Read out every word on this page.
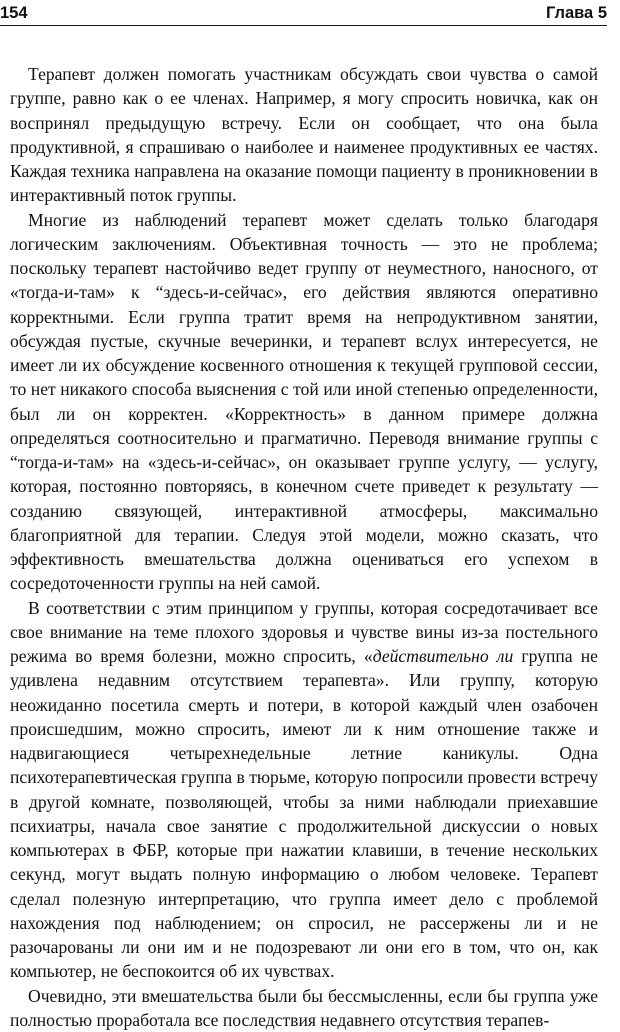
154	Глава 5

Терапевт должен помогать участникам обсуждать свои чувства о самой группе, равно как о ее членах. Например, я могу спросить новичка, как он воспринял предыдущую встречу. Если он сообщает, что она была продуктивной, я спрашиваю о наиболее и наименее продуктивных ее частях. Каждая техника направлена на оказание помощи пациенту в проникновении в интерактивный поток группы.

Многие из наблюдений терапевт может сделать только благодаря логическим заключениям. Объективная точность — это не проблема; поскольку терапевт настойчиво ведет группу от неуместного, наносного, от «тогда-и-там» к “здесь-и-сейчас», его действия являются оперативно корректными. Если группа тратит время на непродуктивном занятии, обсуждая пустые, скучные вечеринки, и терапевт вслух интересуется, не имеет ли их обсуждение косвенного отношения к текущей групповой сессии, то нет никакого способа выяснения с той или иной степенью определенности, был ли он корректен. «Корректность» в данном примере должна определяться соотносительно и прагматично. Переводя внимание группы с “тогда-и-там» на «здесь-и-сейчас», он оказывает группе услугу, — услугу, которая, постоянно повторяясь, в конечном счете приведет к результату — созданию связующей, интерактивной атмосферы, максимально благоприятной для терапии. Следуя этой модели, можно сказать, что эффективность вмешательства должна оцениваться его успехом в сосредоточенности группы на ней самой.

В соответствии с этим принципом у группы, которая сосредотачивает все свое внимание на теме плохого здоровья и чувстве вины из-за постельного режима во время болезни, можно спросить, «действительно ли группа не удивлена недавним отсутствием терапевта». Или группу, которую неожиданно посетила смерть и потери, в которой каждый член озабочен происшедшим, можно спросить, имеют ли к ним отношение также и надвигающиеся четырехнедельные летние каникулы. Одна психотерапевтическая группа в тюрьме, которую попросили провести встречу в другой комнате, позволяющей, чтобы за ними наблюдали приехавшие психиатры, начала свое занятие с продолжительной дискуссии о новых компьютерах в ФБР, которые при нажатии клавиши, в течение нескольких секунд, могут выдать полную информацию о любом человеке. Терапевт сделал полезную интерпретацию, что группа имеет дело с проблемой нахождения под наблюдением; он спросил, не рассержены ли и не разочарованы ли они им и не подозревают ли они его в том, что он, как компьютер, не беспокоится об их чувствах.

Очевидно, эти вмешательства были бы бессмысленны, если бы группа уже полностью проработала все последствия недавнего отсутствия терапев-
